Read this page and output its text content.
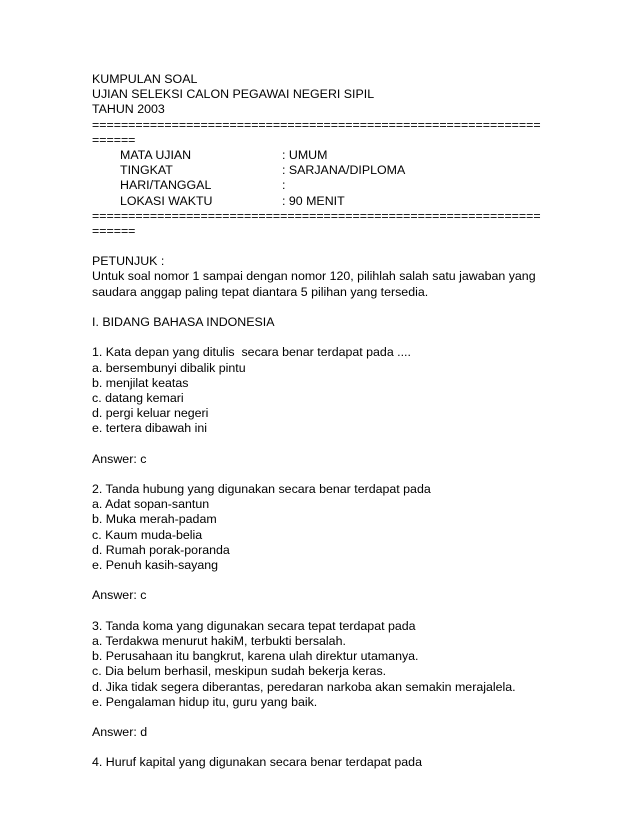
KUMPULAN SOAL
UJIAN SELEKSI CALON PEGAWAI NEGERI SIPIL
TAHUN 2003
==============================================================
======
MATA UJIAN	: UMUM
TINGKAT	: SARJANA/DIPLOMA
HARI/TANGGAL	:
LOKASI WAKTU	: 90 MENIT
==============================================================
======
PETUNJUK :
Untuk soal nomor 1 sampai dengan nomor 120, pilihlah salah satu jawaban yang
saudara anggap paling tepat diantara 5 pilihan yang tersedia.
I. BIDANG BAHASA INDONESIA
1. Kata depan yang ditulis  secara benar terdapat pada ....
a. bersembunyi dibalik pintu
b. menjilat keatas
c. datang kemari
d. pergi keluar negeri
e. tertera dibawah ini
Answer: c
2. Tanda hubung yang digunakan secara benar terdapat pada
a. Adat sopan-santun
b. Muka merah-padam
c. Kaum muda-belia
d. Rumah porak-poranda
e. Penuh kasih-sayang
Answer: c
3. Tanda koma yang digunakan secara tepat terdapat pada
a. Terdakwa menurut hakiM, terbukti bersalah.
b. Perusahaan itu bangkrut, karena ulah direktur utamanya.
c. Dia belum berhasil, meskipun sudah bekerja keras.
d. Jika tidak segera diberantas, peredaran narkoba akan semakin merajalela.
e. Pengalaman hidup itu, guru yang baik.
Answer: d
4. Huruf kapital yang digunakan secara benar terdapat pada
